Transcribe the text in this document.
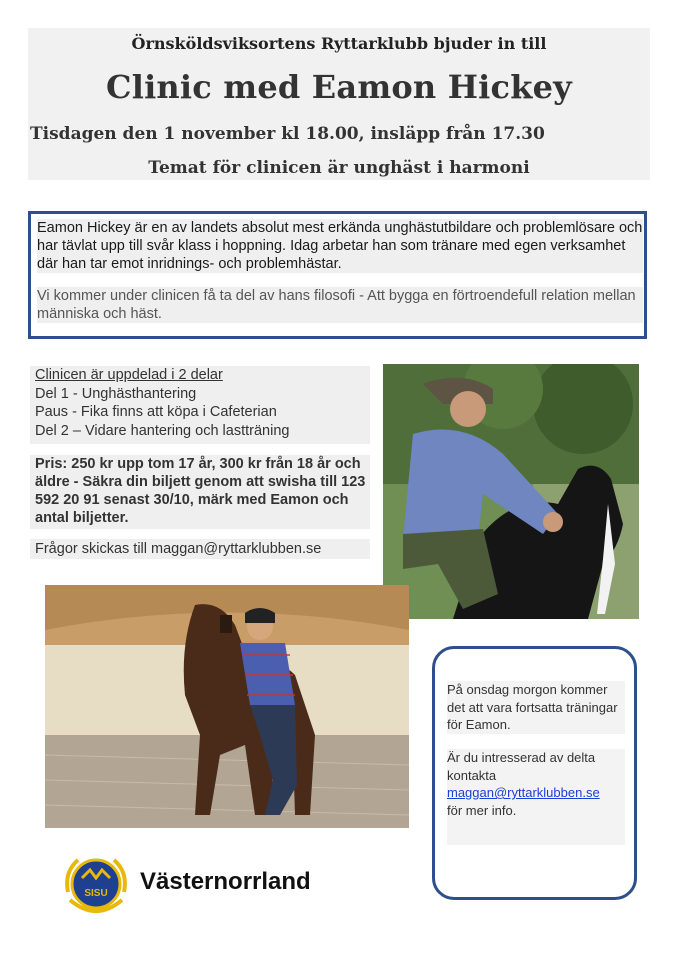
Örnsköldsviksortens Ryttarklubb bjuder in till
Clinic med Eamon Hickey
Tisdagen den 1 november kl 18.00, insläpp från 17.30
Temat för clinicen är unghäst i harmoni
Eamon Hickey är en av landets absolut mest erkända unghästutbildare och problemlösare och har tävlat upp till svår klass i hoppning. Idag arbetar han som tränare med egen verksamhet där han tar emot inridnings- och problemhästar.
Vi kommer under clinicen få ta del av hans filosofi - Att bygga en förtroendefull relation mellan människa och häst.
Clinicen är uppdelad i 2 delar
Del 1 - Unghästhantering
Paus - Fika finns att köpa i Cafeterian
Del 2 – Vidare hantering och lastträning
Pris: 250 kr upp tom 17 år, 300 kr från 18 år och äldre - Säkra din biljett genom att swisha till 123 592 20 91 senast 30/10, märk med Eamon och antal biljetter.
Frågor skickas till maggan@ryttarklubben.se
På onsdag morgon kommer det att vara fortsatta träningar för Eamon.
Är du intresserad av delta kontakta
maggan@ryttarklubben.se
för mer info.
SISU Västernorrland
